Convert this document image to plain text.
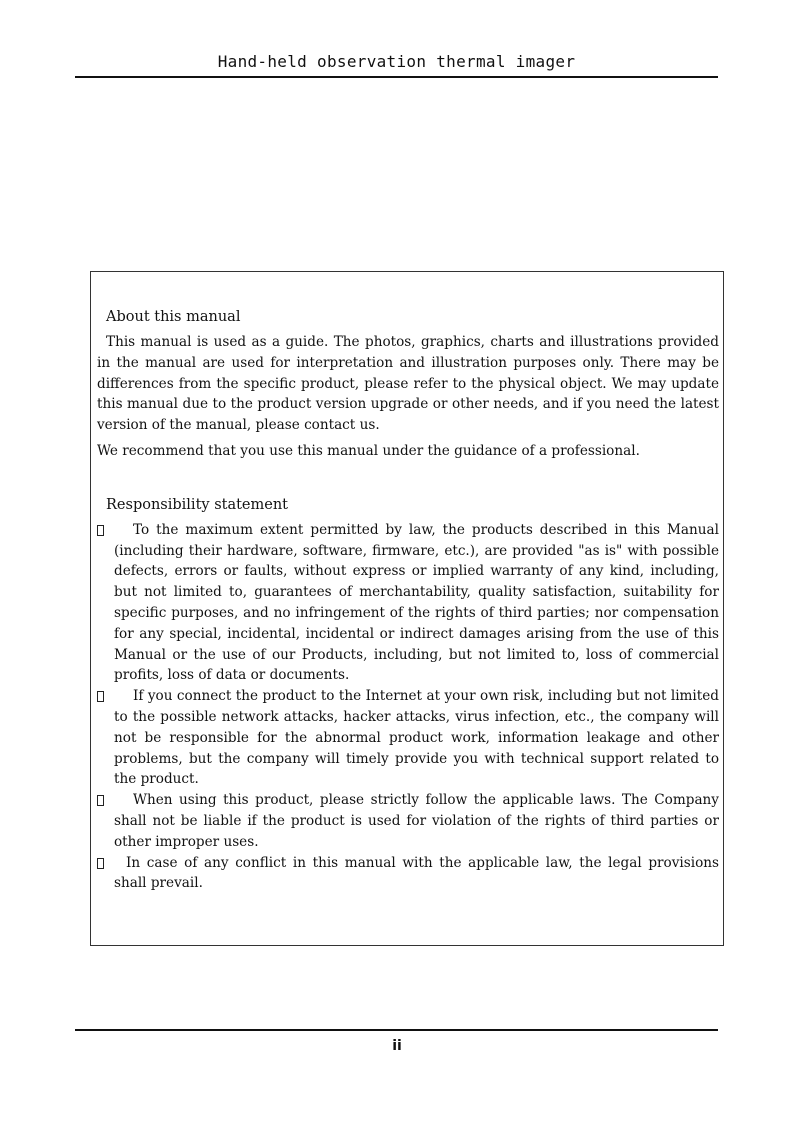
Hand-held observation thermal imager
About this manual
This manual is used as a guide. The photos, graphics, charts and illustrations provided in the manual are used for interpretation and illustration purposes only. There may be differences from the specific product, please refer to the physical object. We may update this manual due to the product version upgrade or other needs, and if you need the latest version of the manual, please contact us.
We recommend that you use this manual under the guidance of a professional.
Responsibility statement
To the maximum extent permitted by law, the products described in this Manual (including their hardware, software, firmware, etc.), are provided "as is" with possible defects, errors or faults, without express or implied warranty of any kind, including, but not limited to, guarantees of merchantability, quality satisfaction, suitability for specific purposes, and no infringement of the rights of third parties; nor compensation for any special, incidental, incidental or indirect damages arising from the use of this Manual or the use of our Products, including, but not limited to, loss of commercial profits, loss of data or documents.
If you connect the product to the Internet at your own risk, including but not limited to the possible network attacks, hacker attacks, virus infection, etc., the company will not be responsible for the abnormal product work, information leakage and other problems, but the company will timely provide you with technical support related to the product.
When using this product, please strictly follow the applicable laws. The Company shall not be liable if the product is used for violation of the rights of third parties or other improper uses.
In case of any conflict in this manual with the applicable law, the legal provisions shall prevail.
ii
